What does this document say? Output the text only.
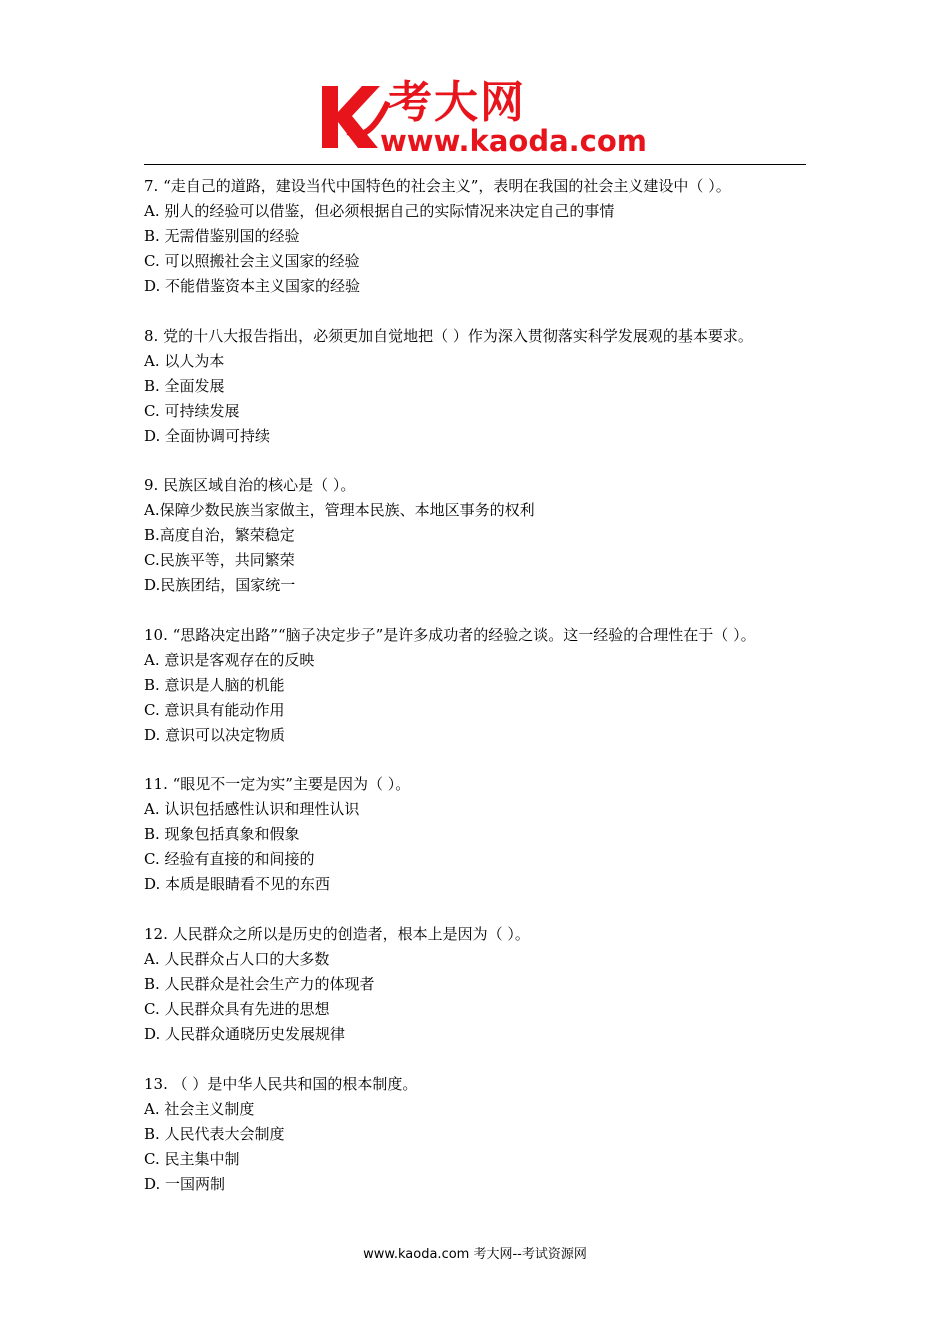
考大网
www.kaoda.com
7. “走自己的道路，建设当代中国特色的社会主义”，表明在我国的社会主义建设中（ ）。
A. 别人的经验可以借鉴，但必须根据自己的实际情况来决定自己的事情
B. 无需借鉴别国的经验
C. 可以照搬社会主义国家的经验
D. 不能借鉴资本主义国家的经验
8. 党的十八大报告指出，必须更加自觉地把（ ）作为深入贯彻落实科学发展观的基本要求。
A. 以人为本
B. 全面发展
C. 可持续发展
D. 全面协调可持续
9. 民族区域自治的核心是（ ）。
A.保障少数民族当家做主，管理本民族、本地区事务的权利
B.高度自治，繁荣稳定
C.民族平等，共同繁荣
D.民族团结，国家统一
10. “思路决定出路”“脑子决定步子”是许多成功者的经验之谈。这一经验的合理性在于（ ）。
A. 意识是客观存在的反映
B. 意识是人脑的机能
C. 意识具有能动作用
D. 意识可以决定物质
11. “眼见不一定为实”主要是因为（ ）。
A. 认识包括感性认识和理性认识
B. 现象包括真象和假象
C. 经验有直接的和间接的
D. 本质是眼睛看不见的东西
12. 人民群众之所以是历史的创造者，根本上是因为（ ）。
A. 人民群众占人口的大多数
B. 人民群众是社会生产力的体现者
C. 人民群众具有先进的思想
D. 人民群众通晓历史发展规律
13. （ ）是中华人民共和国的根本制度。
A. 社会主义制度
B. 人民代表大会制度
C. 民主集中制
D. 一国两制
www.kaoda.com 考大网--考试资源网
